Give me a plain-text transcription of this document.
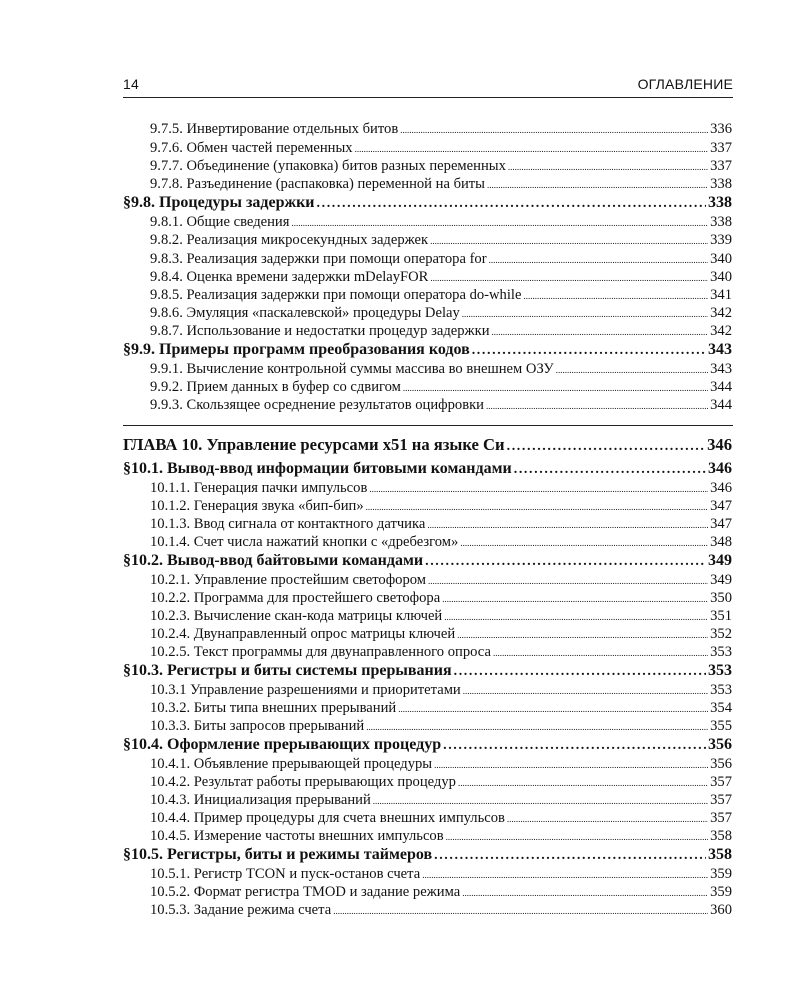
14	ОГЛАВЛЕНИЕ
9.7.5. Инвертирование отдельных битов .....	336
9.7.6. Обмен частей переменных .....	337
9.7.7. Объединение (упаковка) битов разных переменных .....	337
9.7.8. Разъединение (распаковка) переменной на биты .....	338
§9.8. Процедуры задержки .....	338
9.8.1. Общие сведения .....	338
9.8.2. Реализация микросекундных задержек .....	339
9.8.3. Реализация задержки при помощи оператора for .....	340
9.8.4. Оценка времени задержки mDelayFOR .....	340
9.8.5. Реализация задержки при помощи оператора do-while .....	341
9.8.6. Эмуляция «паскалевской» процедуры Delay .....	342
9.8.7. Использование и недостатки процедур задержки .....	342
§9.9. Примеры программ преобразования кодов .....	343
9.9.1. Вычисление контрольной суммы массива во внешнем ОЗУ .....	343
9.9.2. Прием данных в буфер со сдвигом .....	344
9.9.3. Скользящее осреднение результатов оцифровки .....	344
ГЛАВА 10. Управление ресурсами x51 на языке Си .....	346
§10.1. Вывод-ввод информации битовыми командами .....	346
10.1.1. Генерация пачки импульсов .....	346
10.1.2. Генерация звука «бип-бип» .....	347
10.1.3. Ввод сигнала от контактного датчика .....	347
10.1.4. Счет числа нажатий кнопки с «дребезгом» .....	348
§10.2. Вывод-ввод байтовыми командами .....	349
10.2.1. Управление простейшим светофором .....	349
10.2.2. Программа для простейшего светофора .....	350
10.2.3. Вычисление скан-кода матрицы ключей .....	351
10.2.4. Двунаправленный опрос матрицы ключей .....	352
10.2.5. Текст программы для двунаправленного опроса .....	353
§10.3. Регистры и биты системы прерывания .....	353
10.3.1 Управление разрешениями и приоритетами .....	353
10.3.2. Биты типа внешних прерываний .....	354
10.3.3. Биты запросов прерываний .....	355
§10.4. Оформление прерывающих процедур .....	356
10.4.1. Объявление прерывающей процедуры .....	356
10.4.2. Результат работы прерывающих процедур .....	357
10.4.3. Инициализация прерываний .....	357
10.4.4. Пример процедуры для счета внешних импульсов .....	357
10.4.5. Измерение частоты внешних импульсов .....	358
§10.5. Регистры, биты и режимы таймеров .....	358
10.5.1. Регистр TCON и пуск-останов счета .....	359
10.5.2. Формат регистра TMOD и задание режима .....	359
10.5.3. Задание режима счета .....	360
